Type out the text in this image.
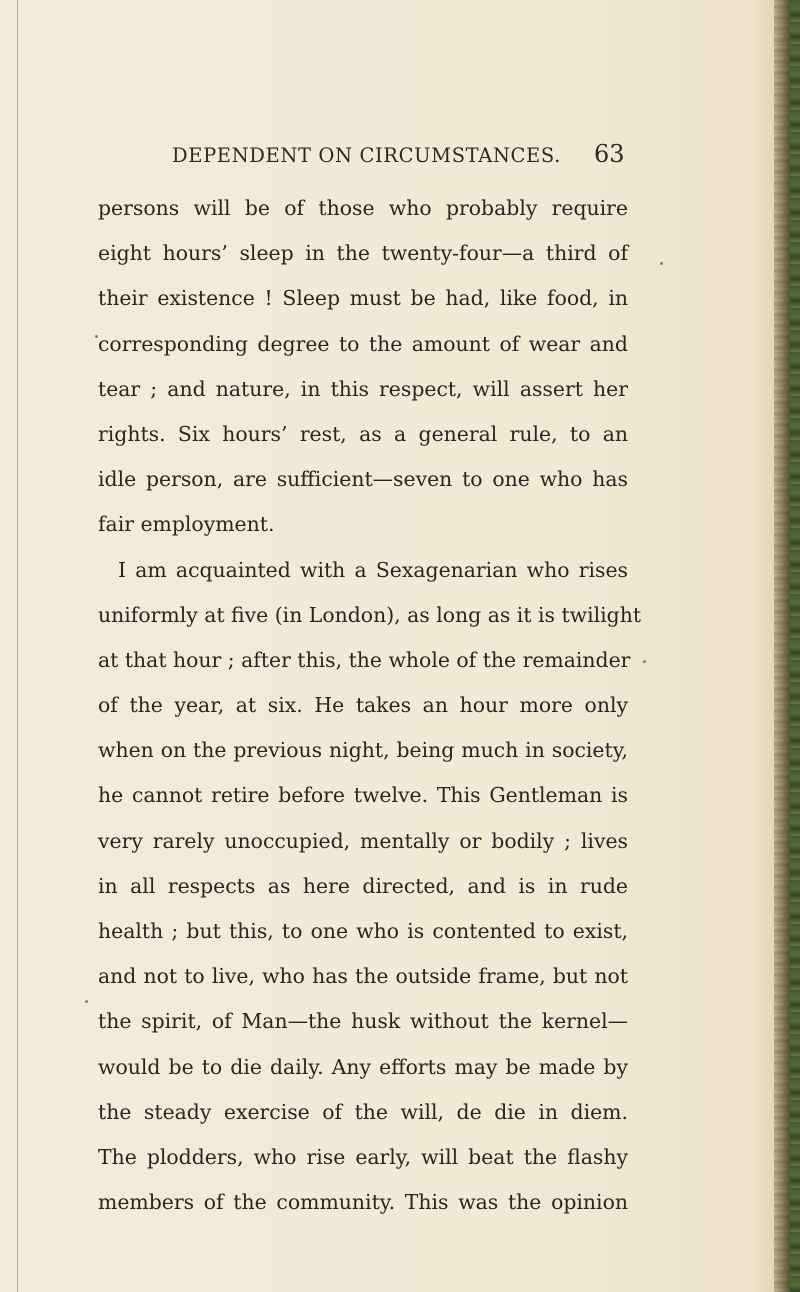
DEPENDENT ON CIRCUMSTANCES. 63
persons will be of those who probably require
eight hours’ sleep in the twenty-four—a third of
their existence ! Sleep must be had, like food, in
corresponding degree to the amount of wear and
tear ; and nature, in this respect, will assert her
rights. Six hours’ rest, as a general rule, to an
idle person, are sufficient—seven to one who has
fair employment.
I am acquainted with a Sexagenarian who rises
uniformly at five (in London), as long as it is twilight
at that hour ; after this, the whole of the remainder
of the year, at six. He takes an hour more only
when on the previous night, being much in society,
he cannot retire before twelve. This Gentleman is
very rarely unoccupied, mentally or bodily ; lives
in all respects as here directed, and is in rude
health ; but this, to one who is contented to exist,
and not to live, who has the outside frame, but not
the spirit, of Man—the husk without the kernel—
would be to die daily. Any efforts may be made by
the steady exercise of the will, de die in diem.
The plodders, who rise early, will beat the flashy
members of the community. This was the opinion
